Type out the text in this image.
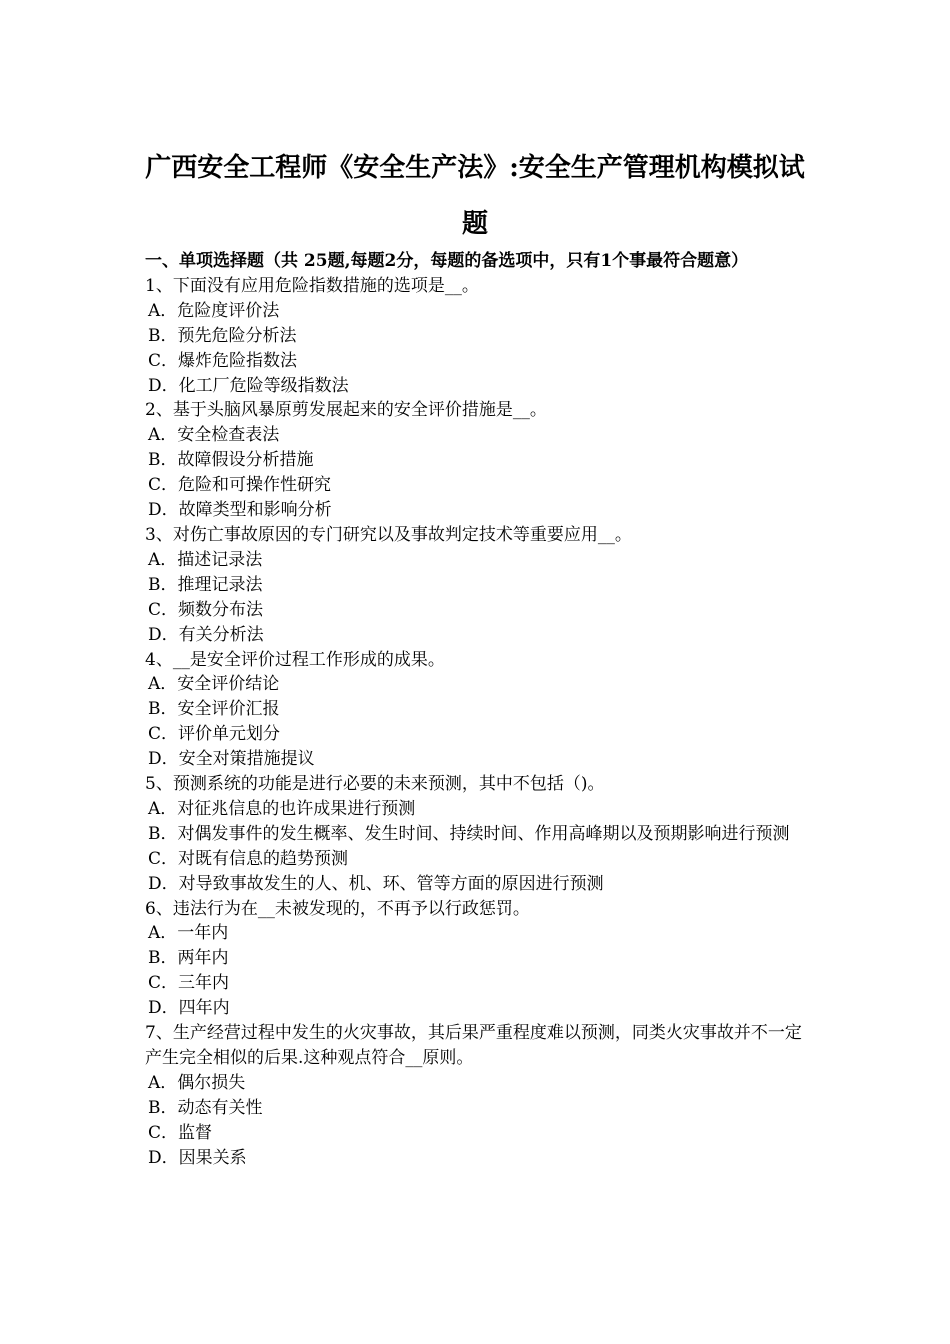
广西安全工程师《安全生产法》:安全生产管理机构模拟试题
一、单项选择题（共 25题,每题2分，每题的备选项中，只有1个事最符合题意）
1、下面没有应用危险指数措施的选项是__。
A．危险度评价法
B．预先危险分析法
C．爆炸危险指数法
D．化工厂危险等级指数法
2、基于头脑风暴原剪发展起来的安全评价措施是__。
A．安全检查表法
B．故障假设分析措施
C．危险和可操作性研究
D．故障类型和影响分析
3、对伤亡事故原因的专门研究以及事故判定技术等重要应用__。
A．描述记录法
B．推理记录法
C．频数分布法
D．有关分析法
4、__是安全评价过程工作形成的成果。
A．安全评价结论
B．安全评价汇报
C．评价单元划分
D．安全对策措施提议
5、预测系统的功能是进行必要的未来预测，其中不包括（)。
A．对征兆信息的也许成果进行预测
B．对偶发事件的发生概率、发生时间、持续时间、作用高峰期以及预期影响进行预测
C．对既有信息的趋势预测
D．对导致事故发生的人、机、环、管等方面的原因进行预测
6、违法行为在__未被发现的，不再予以行政惩罚。
A．一年内
B．两年内
C．三年内
D．四年内
7、生产经营过程中发生的火灾事故，其后果严重程度难以预测，同类火灾事故并不一定产生完全相似的后果.这种观点符合__原则。
A．偶尔损失
B．动态有关性
C．监督
D．因果关系
